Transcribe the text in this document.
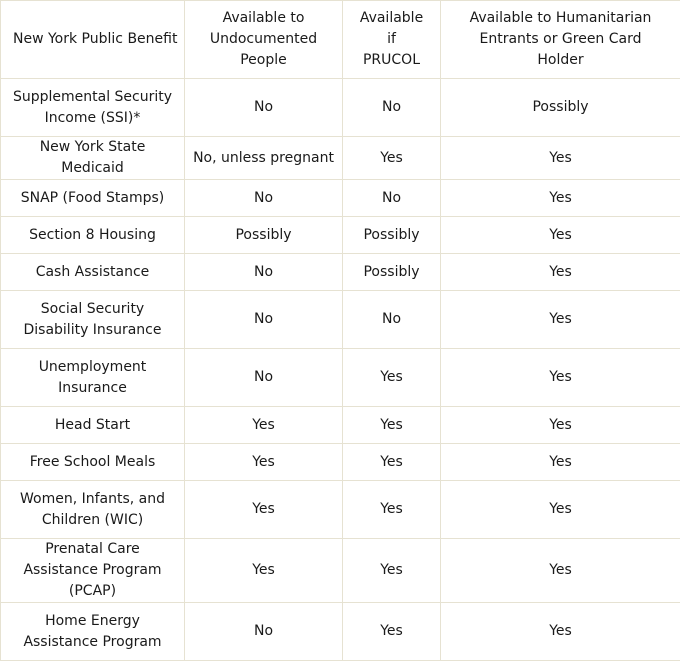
New York Public Benefit	Available to Undocumented People	Available if PRUCOL	Available to Humanitarian Entrants or Green Card Holder
Supplemental Security Income (SSI)*	No	No	Possibly
New York State Medicaid	No, unless pregnant	Yes	Yes
SNAP (Food Stamps)	No	No	Yes
Section 8 Housing	Possibly	Possibly	Yes
Cash Assistance	No	Possibly	Yes
Social Security Disability Insurance	No	No	Yes
Unemployment Insurance	No	Yes	Yes
Head Start	Yes	Yes	Yes
Free School Meals	Yes	Yes	Yes
Women, Infants, and Children (WIC)	Yes	Yes	Yes
Prenatal Care Assistance Program (PCAP)	Yes	Yes	Yes
Home Energy Assistance Program	No	Yes	Yes
